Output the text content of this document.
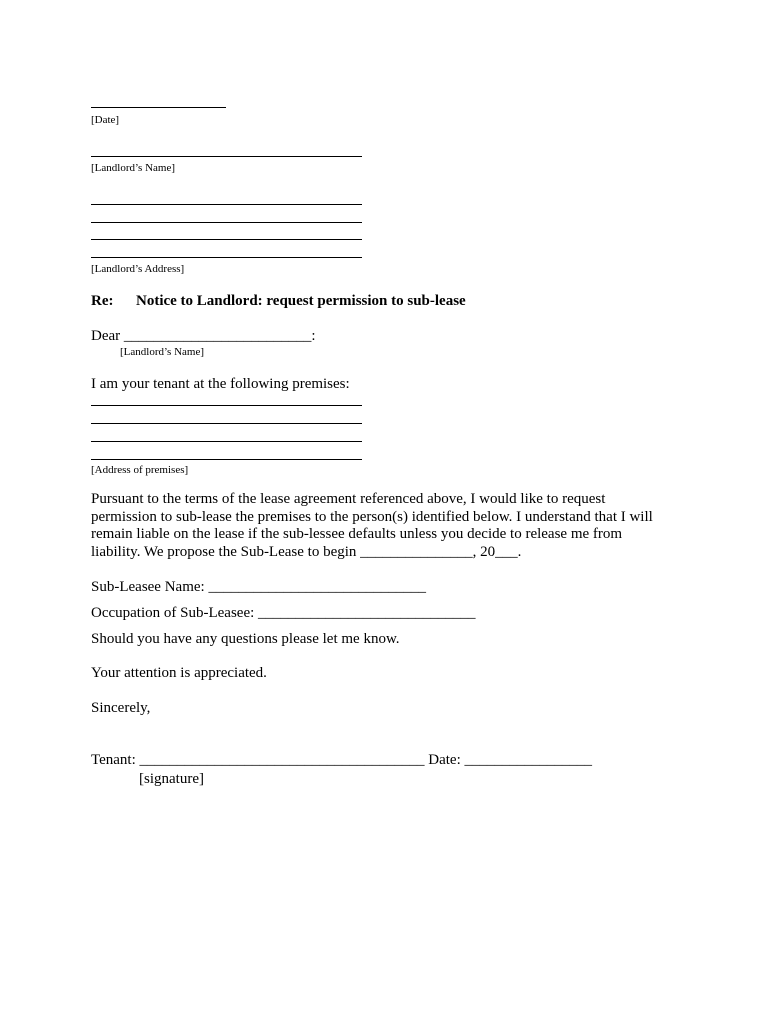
[Date]
[Landlord’s Name]
[Landlord’s Address]
Re: Notice to Landlord: request permission to sub-lease
Dear _________________________:
[Landlord’s Name]
I am your tenant at the following premises:
[Address of premises]
Pursuant to the terms of the lease agreement referenced above, I would like to request
permission to sub-lease the premises to the person(s) identified below. I understand that I will
remain liable on the lease if the sub-lessee defaults unless you decide to release me from
liability. We propose the Sub-Lease to begin _______________, 20___.
Sub-Leasee Name: _____________________________
Occupation of Sub-Leasee: _____________________________
Should you have any questions please let me know.
Your attention is appreciated.
Sincerely,
Tenant: ______________________________________ Date: _________________
[signature]
